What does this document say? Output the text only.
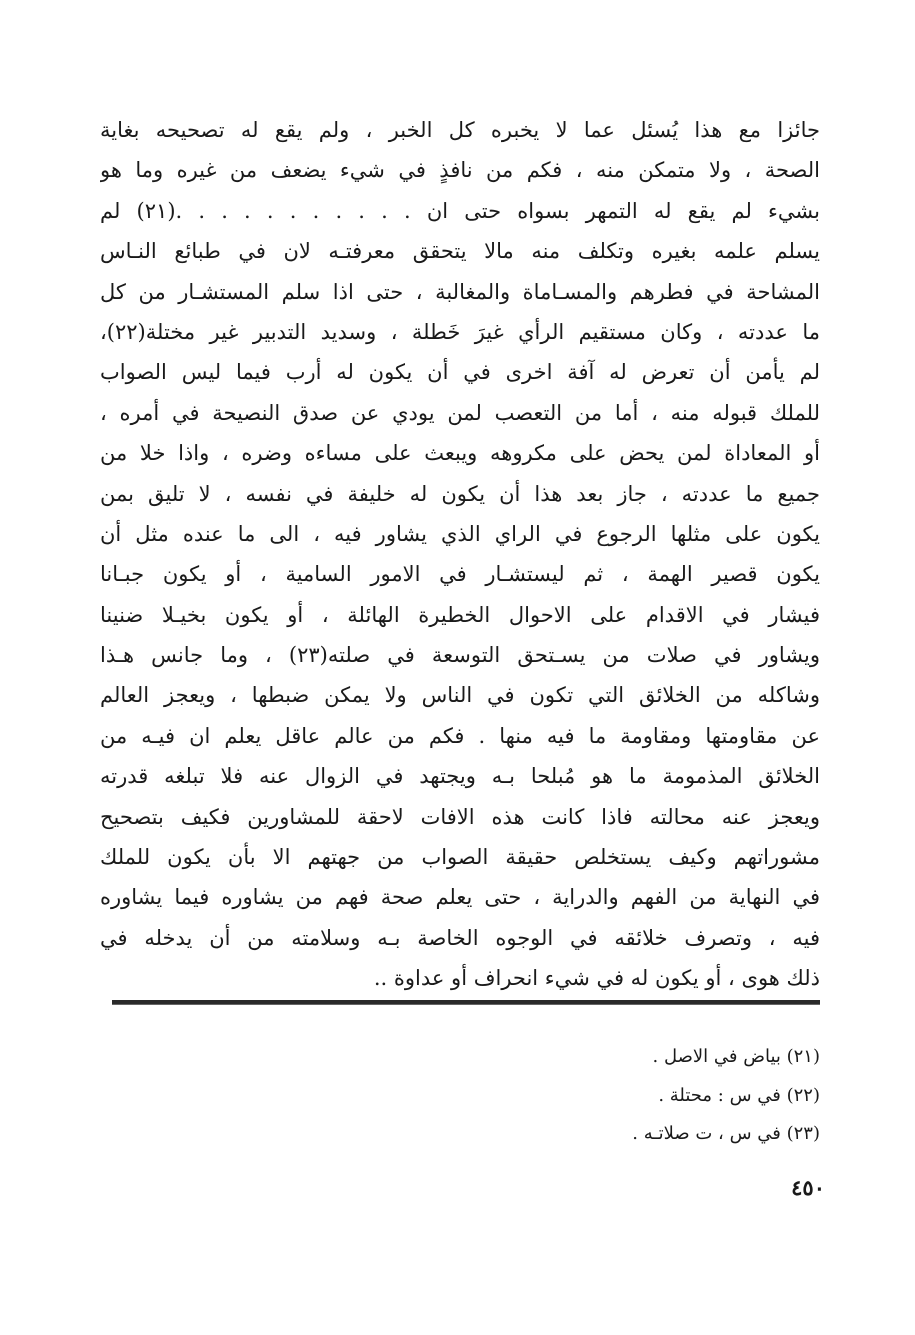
جائزا مع هذا يُسئل عما لا يخبره كل الخبر ، ولم يقع له تصحيحه بغاية
الصحة ، ولا متمكن منه ، فكم من نافذٍ في شيء يضعف من غيره وما هو
بشيء لم يقع له التمهر بسواه حتى ان . . . . . . . . . . .(٢١) لم
يسلم علمه بغيره وتكلف منه مالا يتحقق معرفتـه لان في طبائع النـاس
المشاحة في فطرهم والمسـاماة والمغالبة ، حتى اذا سلم المستشـار من كل
ما عددته ، وكان مستقيم الرأي غيرَ خَطلة ، وسديد التدبير غير مختلة(٢٢)،
لم يأمن أن تعرض له آفة اخرى في أن يكون له أرب فيما ليس الصواب
للملك قبوله منه ، أما من التعصب لمن يودي عن صدق النصيحة في أمره ،
أو المعاداة لمن يحض على مكروهه ويبعث على مساءه وضره ، واذا خلا من
جميع ما عددته ، جاز بعد هذا أن يكون له خليفة في نفسه ، لا تليق بمن
يكون على مثلها الرجوع في الراي الذي يشاور فيه ، الى ما عنده مثل أن
يكون قصير الهمة ، ثم ليستشـار في الامور السامية ، أو يكون جبـانا
فيشار في الاقدام على الاحوال الخطيرة الهائلة ، أو يكون بخيـلا ضنينا
ويشاور في صلات من يسـتحق التوسعة في صلته(٢٣) ، وما جانس هـذا
وشاكله من الخلائق التي تكون في الناس ولا يمكن ضبطها ، ويعجز العالم
عن مقاومتها ومقاومة ما فيه منها . فكم من عالم عاقل يعلم ان فيـه من
الخلائق المذمومة ما هو مُبلحا بـه ويجتهد في الزوال عنه فلا تبلغه قدرته
ويعجز عنه محالته فاذا كانت هذه الافات لاحقة للمشاورين فكيف بتصحيح
مشوراتهم وكيف يستخلص حقيقة الصواب من جهتهم الا بأن يكون للملك
في النهاية من الفهم والدراية ، حتى يعلم صحة فهم من يشاوره فيما يشاوره
فيه ، وتصرف خلائقه في الوجوه الخاصة بـه وسلامته من أن يدخله في
ذلك هوى ، أو يكون له في شيء انحراف أو عداوة ..
(٢١) بياض في الاصل .
(٢٢) في س : محتلة .
(٢٣) في س ، ت صلاتـه .
٤٥٠
